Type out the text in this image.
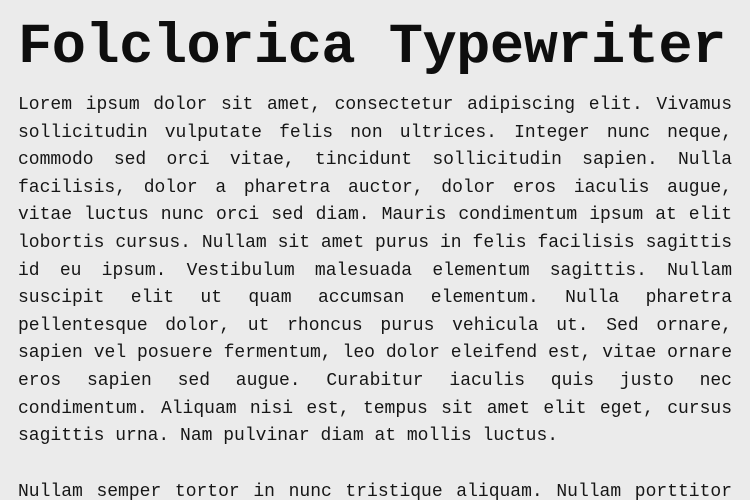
Folclorica Typewriter

Lorem ipsum dolor sit amet, consectetur adipiscing elit. Vivamus sollicitudin vulputate felis non ultrices. Integer nunc neque, commodo sed orci vitae, tincidunt sollicitudin sapien. Nulla facilisis, dolor a pharetra auctor, dolor eros iaculis augue, vitae luctus nunc orci sed diam. Mauris condimentum ipsum at elit lobortis cursus. Nullam sit amet purus in felis facilisis sagittis id eu ipsum. Vestibulum malesuada elementum sagittis. Nullam suscipit elit ut quam accumsan elementum. Nulla pharetra pellentesque dolor, ut rhoncus purus vehicula ut. Sed ornare, sapien vel posuere fermentum, leo dolor eleifend est, vitae ornare eros sapien sed augue. Curabitur iaculis quis justo nec condimentum. Aliquam nisi est, tempus sit amet elit eget, cursus sagittis urna. Nam pulvinar diam at mollis luctus.

Nullam semper tortor in nunc tristique aliquam. Nullam porttitor
